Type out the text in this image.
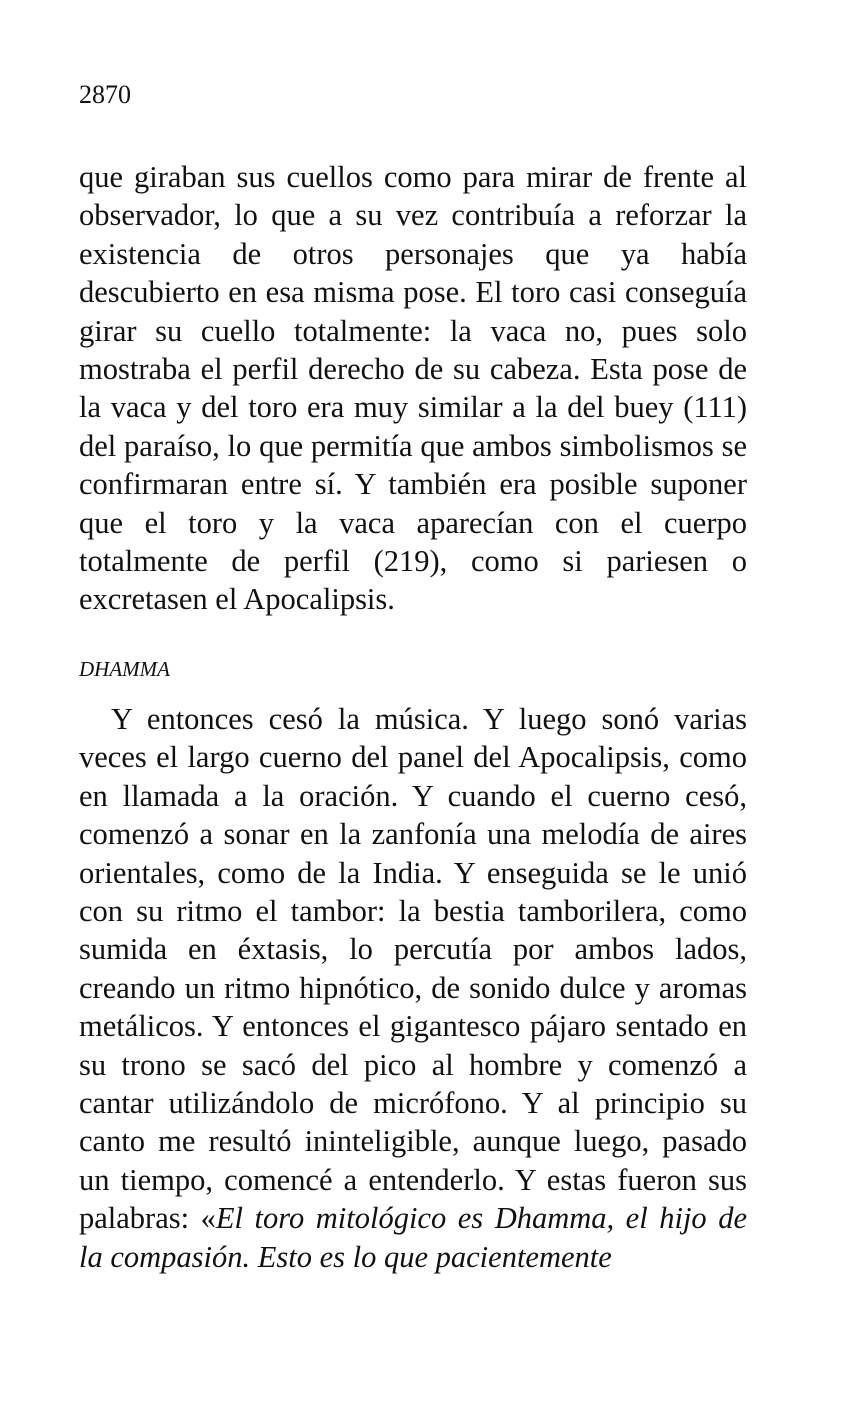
2870

que giraban sus cuellos como para mirar de frente al observador, lo que a su vez contribuía a reforzar la existencia de otros personajes que ya había descubierto en esa misma pose. El toro casi conseguía girar su cuello totalmente: la vaca no, pues solo mostraba el perfil derecho de su cabeza. Esta pose de la vaca y del toro era muy similar a la del buey (111) del paraíso, lo que permitía que ambos simbolismos se confirmaran entre sí. Y también era posible suponer que el toro y la vaca aparecían con el cuerpo totalmente de perfil (219), como si pariesen o excretasen el Apocalipsis.

DHAMMA

Y entonces cesó la música. Y luego sonó varias veces el largo cuerno del panel del Apocalipsis, como en llamada a la oración. Y cuando el cuerno cesó, comenzó a sonar en la zanfonía una melodía de aires orientales, como de la India. Y enseguida se le unió con su ritmo el tambor: la bestia tamborilera, como sumida en éxtasis, lo percutía por ambos lados, creando un ritmo hipnótico, de sonido dulce y aromas metálicos. Y entonces el gigantesco pájaro sentado en su trono se sacó del pico al hombre y comenzó a cantar utilizándolo de micrófono. Y al principio su canto me resultó ininteligible, aunque luego, pasado un tiempo, comencé a entenderlo. Y estas fueron sus palabras: «El toro mitológico es Dhamma, el hijo de la compasión. Esto es lo que pacientemente
